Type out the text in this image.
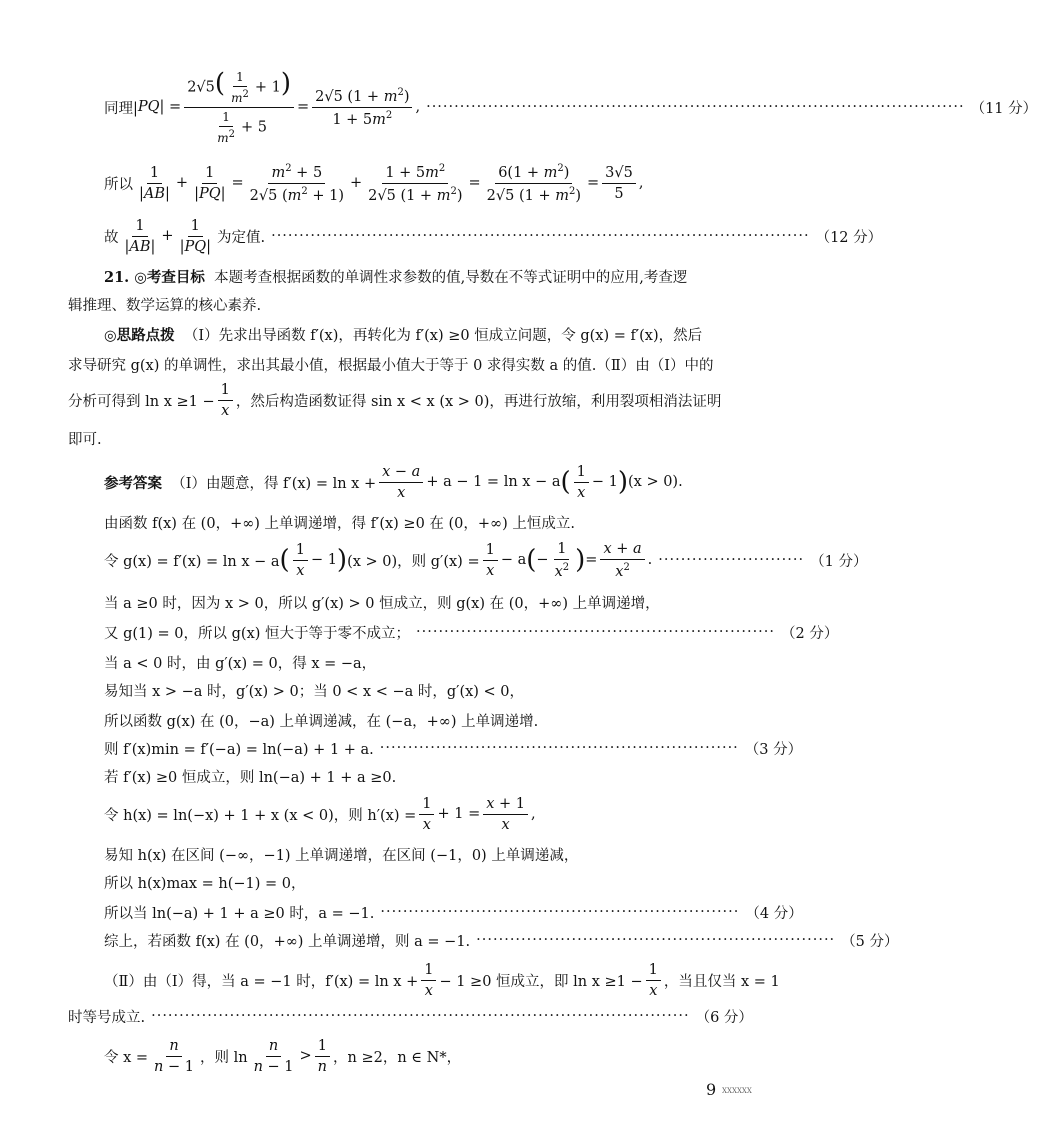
同理| PQ | = $\frac{2√5( \frac{1}{m^2} + 1)}{\frac{1}{m^2} + 5} = \frac{2√5 (1 + m^2)}{1 + 5m^2}$ , ································································································ （11 分）
所以 $\frac{1}{|AB|} + \frac{1}{|PQ|} = \frac{m^2 + 5}{2√5 (m^2 + 1)} + \frac{1 + 5m^2}{2√5 (1 + m^2)} = \frac{6(1 + m^2)}{2√5 (1 + m^2)} = \frac{3√5}{5}$ ,
故 $\frac{1}{|AB|} + \frac{1}{|PQ|}$ 为定值. ································································································ （12 分）
21. ◎考查目标 本题考查根据函数的单调性求参数的值,导数在不等式证明中的应用,考查逻
辑推理、数学运算的核心素养.
◎思路点拨 （Ⅰ）先求出导函数 f′(x)，再转化为 f′(x) ≥0 恒成立问题，令 g(x) = f′(x)，然后
求导研究 g(x) 的单调性，求出其最小值，根据最小值大于等于 0 求得实数 a 的值.（Ⅱ）由（Ⅰ）中的
分析可得到 $\ln x \ge 1 - \frac{1}{x}$ ，然后构造函数证得 sin x < x (x > 0)，再进行放缩，利用裂项相消法证明
即可.
参考答案 （Ⅰ）由题意，得 $f'(x) = \ln x + \frac{x - a}{x} + a - 1 = \ln x - a$ ( $\frac{1}{x} - 1$ ) (x > 0).
由函数 f(x) 在 (0，+∞) 上单调递增，得 f′(x) ≥0 在 (0，+∞) 上恒成立.
令 g(x) = f′(x) = ln x − a ( $\frac{1}{x} - 1$ ) (x > 0)，则 $g'(x) = \frac{1}{x} - a$ ( − $\frac{1}{x^2}$ ) = $\frac{x + a}{x^2}$ . ·························· （1 分）
当 a ≥0 时，因为 x > 0，所以 g′(x) > 0 恒成立，则 g(x) 在 (0，+∞) 上单调递增，
又 g(1) = 0，所以 g(x) 恒大于等于零不成立； ································································ （2 分）
当 a < 0 时，由 g′(x) = 0，得 x = −a，
易知当 x > −a 时，g′(x) > 0；当 0 < x < −a 时，g′(x) < 0，
所以函数 g(x) 在 (0，−a) 上单调递减，在 (−a，+∞) 上单调递增.
则 f′(x)min = f′(−a) = ln(−a) + 1 + a. ································································ （3 分）
若 f′(x) ≥0 恒成立，则 ln(−a) + 1 + a ≥0.
令 h(x) = ln(−x) + 1 + x (x < 0)，则 $h'(x) = \frac{1}{x} + 1 = \frac{x + 1}{x}$ ,
易知 h(x) 在区间 (−∞，−1) 上单调递增，在区间 (−1，0) 上单调递减，
所以 h(x)max = h(−1) = 0，
所以当 ln(−a) + 1 + a ≥0 时，a = −1. ································································ （4 分）
综上，若函数 f(x) 在 (0，+∞) 上单调递增，则 a = −1. ································································ （5 分）
（Ⅱ）由（Ⅰ）得，当 a = −1 时，$f'(x) = \ln x + \frac{1}{x} - 1 \ge 0$ 恒成立，即 $\ln x \ge 1 - \frac{1}{x}$ ，当且仅当 x = 1
时等号成立. ································································································ （6 分）
令 $x = \frac{n}{n - 1}$ ，则 $\ln \frac{n}{n - 1} > \frac{1}{n}$ ，n ≥2，n ∈ N*，
9 XXXXXX
